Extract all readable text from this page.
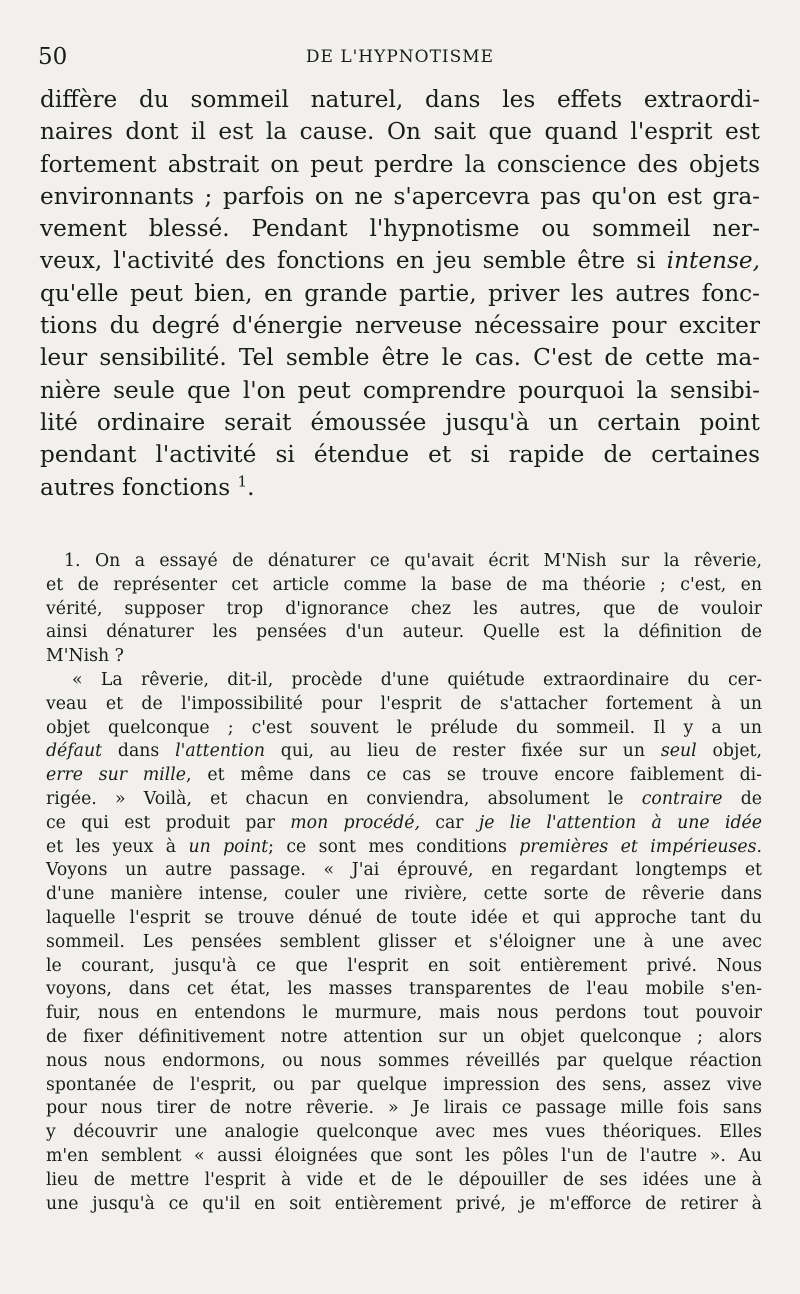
50	DE L'HYPNOTISME
diffère du sommeil naturel, dans les effets extraordi-
naires dont il est la cause. On sait que quand l'esprit est
fortement abstrait on peut perdre la conscience des objets
environnants ; parfois on ne s'apercevra pas qu'on est gra-
vement blessé. Pendant l'hypnotisme ou sommeil ner-
veux, l'activité des fonctions en jeu semble être si intense,
qu'elle peut bien, en grande partie, priver les autres fonc-
tions du degré d'énergie nerveuse nécessaire pour exciter
leur sensibilité. Tel semble être le cas. C'est de cette ma-
nière seule que l'on peut comprendre pourquoi la sensibi-
lité ordinaire serait émoussée jusqu'à un certain point
pendant l'activité si étendue et si rapide de certaines
autres fonctions $^1$.
1. On a essayé de dénaturer ce qu'avait écrit M'Nish sur la rêverie,
et de représenter cet article comme la base de ma théorie ; c'est, en
vérité, supposer trop d'ignorance chez les autres, que de vouloir
ainsi dénaturer les pensées d'un auteur. Quelle est la définition de
M'Nish ?
« La rêverie, dit-il, procède d'une quiétude extraordinaire du cer-
veau et de l'impossibilité pour l'esprit de s'attacher fortement à un
objet quelconque ; c'est souvent le prélude du sommeil. Il y a un
défaut dans l'attention qui, au lieu de rester fixée sur un seul objet,
erre sur mille, et même dans ce cas se trouve encore faiblement di-
rigée. » Voilà, et chacun en conviendra, absolument le contraire de
ce qui est produit par mon procédé, car je lie l'attention à une idée
et les yeux à un point; ce sont mes conditions premières et impérieuses.
Voyons un autre passage. « J'ai éprouvé, en regardant longtemps et
d'une manière intense, couler une rivière, cette sorte de rêverie dans
laquelle l'esprit se trouve dénué de toute idée et qui approche tant du
sommeil. Les pensées semblent glisser et s'éloigner une à une avec
le courant, jusqu'à ce que l'esprit en soit entièrement privé. Nous
voyons, dans cet état, les masses transparentes de l'eau mobile s'en-
fuir, nous en entendons le murmure, mais nous perdons tout pouvoir
de fixer définitivement notre attention sur un objet quelconque ; alors
nous nous endormons, ou nous sommes réveillés par quelque réaction
spontanée de l'esprit, ou par quelque impression des sens, assez vive
pour nous tirer de notre rêverie. » Je lirais ce passage mille fois sans
y découvrir une analogie quelconque avec mes vues théoriques. Elles
m'en semblent « aussi éloignées que sont les pôles l'un de l'autre ». Au
lieu de mettre l'esprit à vide et de le dépouiller de ses idées une à
une jusqu'à ce qu'il en soit entièrement privé, je m'efforce de retirer à
